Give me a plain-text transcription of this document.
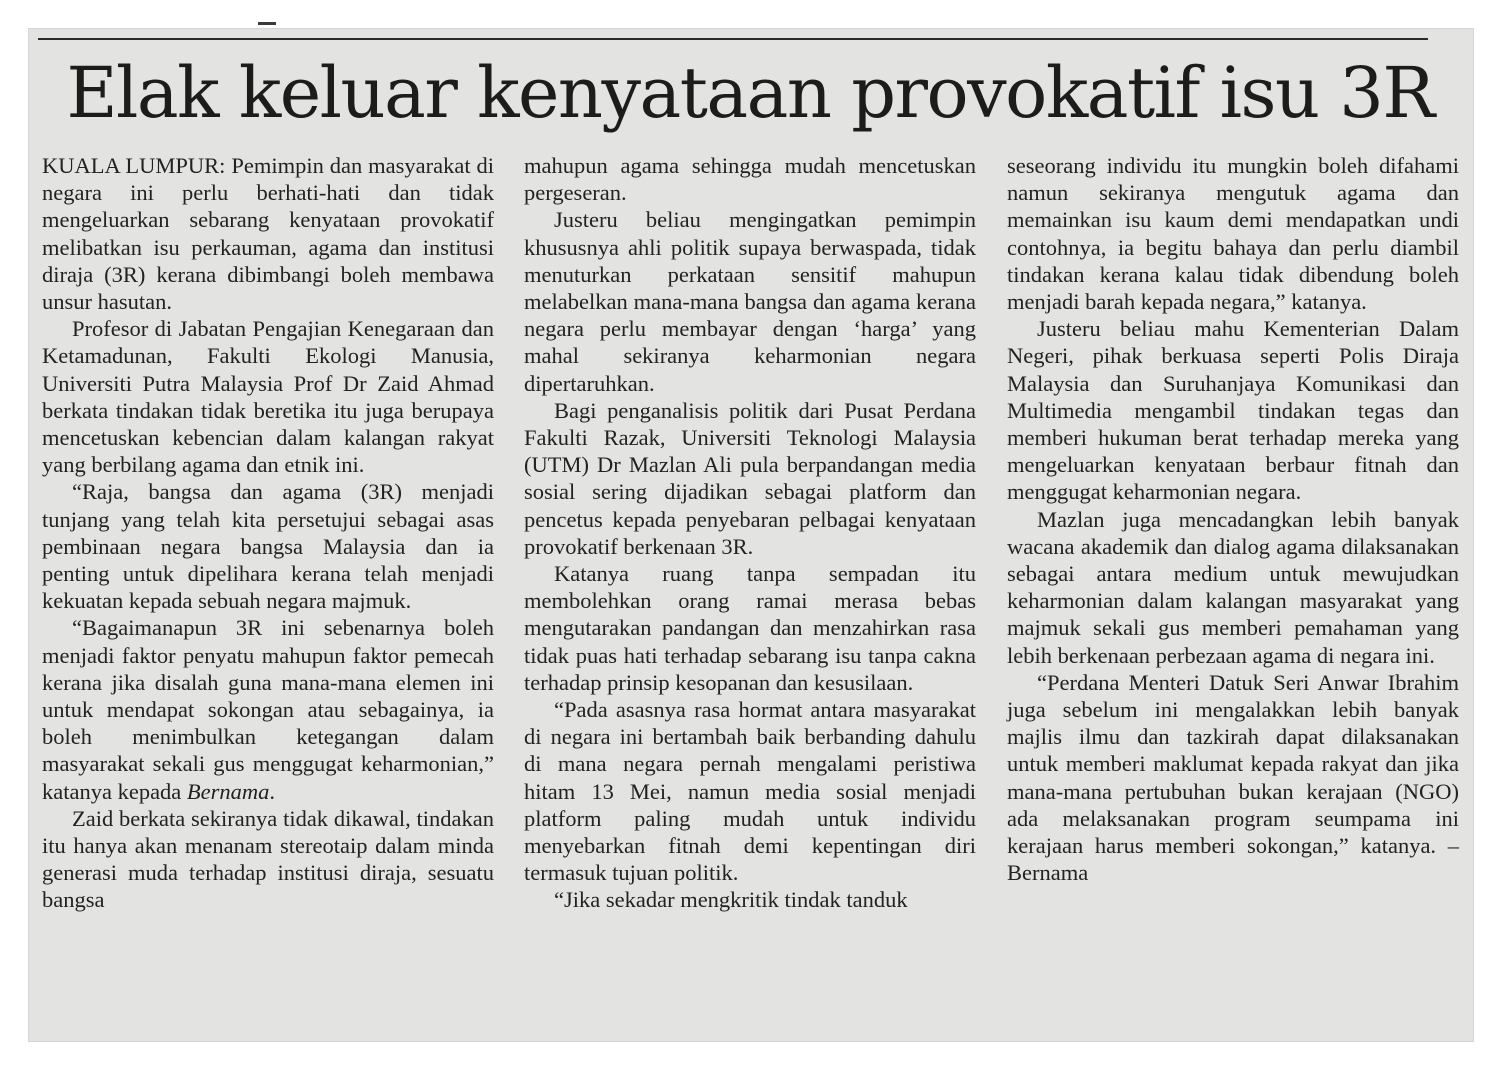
Elak keluar kenyataan provokatif isu 3R

KUALA LUMPUR: Pemimpin dan masyarakat di negara ini perlu berhati-hati dan tidak mengeluarkan sebarang kenyataan provokatif melibatkan isu perkauman, agama dan institusi diraja (3R) kerana dibimbangi boleh membawa unsur hasutan.

Profesor di Jabatan Pengajian Kenegaraan dan Ketamadunan, Fakulti Ekologi Manusia, Universiti Putra Malaysia Prof Dr Zaid Ahmad berkata tindakan tidak beretika itu juga berupaya mencetuskan kebencian dalam kalangan rakyat yang berbilang agama dan etnik ini.

“Raja, bangsa dan agama (3R) menjadi tunjang yang telah kita persetujui sebagai asas pembinaan negara bangsa Malaysia dan ia penting untuk dipelihara kerana telah menjadi kekuatan kepada sebuah negara majmuk.

“Bagaimanapun 3R ini sebenarnya boleh menjadi faktor penyatu mahupun faktor pemecah kerana jika disalah guna mana-mana elemen ini untuk mendapat sokongan atau sebagainya, ia boleh menimbulkan ketegangan dalam masyarakat sekali gus menggugat keharmonian,” katanya kepada Bernama.

Zaid berkata sekiranya tidak dikawal, tindakan itu hanya akan menanam stereotaip dalam minda generasi muda terhadap institusi diraja, sesuatu bangsa

mahupun agama sehingga mudah mencetuskan pergeseran.

Justeru beliau mengingatkan pemimpin khususnya ahli politik supaya berwaspada, tidak menuturkan perkataan sensitif mahupun melabelkan mana-mana bangsa dan agama kerana negara perlu membayar dengan ‘harga’ yang mahal sekiranya keharmonian negara dipertaruhkan.

Bagi penganalisis politik dari Pusat Perdana Fakulti Razak, Universiti Teknologi Malaysia (UTM) Dr Mazlan Ali pula berpandangan media sosial sering dijadikan sebagai platform dan pencetus kepada penyebaran pelbagai kenyataan provokatif berkenaan 3R.

Katanya ruang tanpa sempadan itu membolehkan orang ramai merasa bebas mengutarakan pandangan dan menzahirkan rasa tidak puas hati terhadap sebarang isu tanpa cakna terhadap prinsip kesopanan dan kesusilaan.

“Pada asasnya rasa hormat antara masyarakat di negara ini bertambah baik berbanding dahulu di mana negara pernah mengalami peristiwa hitam 13 Mei, namun media sosial menjadi platform paling mudah untuk individu menyebarkan fitnah demi kepentingan diri termasuk tujuan politik.

“Jika sekadar mengkritik tindak tanduk

seseorang individu itu mungkin boleh difahami namun sekiranya mengutuk agama dan memainkan isu kaum demi mendapatkan undi contohnya, ia begitu bahaya dan perlu diambil tindakan kerana kalau tidak dibendung boleh menjadi barah kepada negara,” katanya.

Justeru beliau mahu Kementerian Dalam Negeri, pihak berkuasa seperti Polis Diraja Malaysia dan Suruhanjaya Komunikasi dan Multimedia mengambil tindakan tegas dan memberi hukuman berat terhadap mereka yang mengeluarkan kenyataan berbaur fitnah dan menggugat keharmonian negara.

Mazlan juga mencadangkan lebih banyak wacana akademik dan dialog agama dilaksanakan sebagai antara medium untuk mewujudkan keharmonian dalam kalangan masyarakat yang majmuk sekali gus memberi pemahaman yang lebih berkenaan perbezaan agama di negara ini.

“Perdana Menteri Datuk Seri Anwar Ibrahim juga sebelum ini mengalakkan lebih banyak majlis ilmu dan tazkirah dapat dilaksanakan untuk memberi maklumat kepada rakyat dan jika mana-mana pertubuhan bukan kerajaan (NGO) ada melaksanakan program seumpama ini kerajaan harus memberi sokongan,” katanya. – Bernama
